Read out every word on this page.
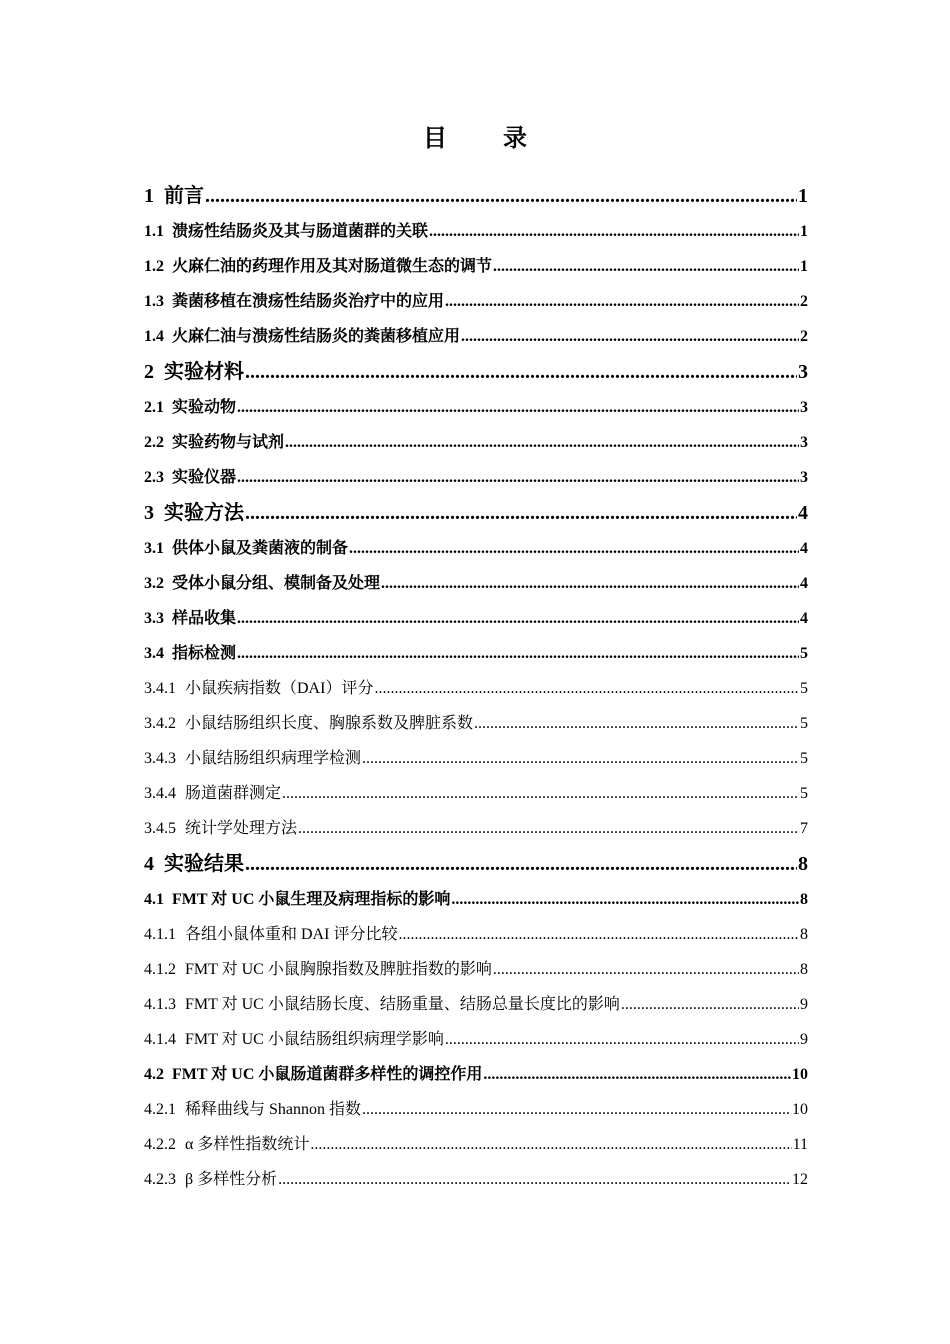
目 录
1 前言 .....	1
1.1 溃疡性结肠炎及其与肠道菌群的关联 .....	1
1.2 火麻仁油的药理作用及其对肠道微生态的调节 .....	1
1.3 粪菌移植在溃疡性结肠炎治疗中的应用 .....	2
1.4 火麻仁油与溃疡性结肠炎的粪菌移植应用 .....	2
2 实验材料 .....	3
2.1 实验动物 .....	3
2.2 实验药物与试剂 .....	3
2.3 实验仪器 .....	3
3 实验方法 .....	4
3.1 供体小鼠及粪菌液的制备 .....	4
3.2 受体小鼠分组、模制备及处理 .....	4
3.3 样品收集 .....	4
3.4 指标检测 .....	5
3.4.1 小鼠疾病指数（DAI）评分 .....	5
3.4.2 小鼠结肠组织长度、胸腺系数及脾脏系数 .....	5
3.4.3 小鼠结肠组织病理学检测 .....	5
3.4.4 肠道菌群测定 .....	5
3.4.5 统计学处理方法 .....	7
4 实验结果 .....	8
4.1 FMT 对 UC 小鼠生理及病理指标的影响 .....	8
4.1.1 各组小鼠体重和 DAI 评分比较 .....	8
4.1.2 FMT 对 UC 小鼠胸腺指数及脾脏指数的影响 .....	8
4.1.3 FMT 对 UC 小鼠结肠长度、结肠重量、结肠总量长度比的影响 .....	9
4.1.4 FMT 对 UC 小鼠结肠组织病理学影响 .....	9
4.2 FMT 对 UC 小鼠肠道菌群多样性的调控作用 .....	10
4.2.1 稀释曲线与 Shannon 指数 .....	10
4.2.2 α 多样性指数统计 .....	11
4.2.3 β 多样性分析 .....	12
